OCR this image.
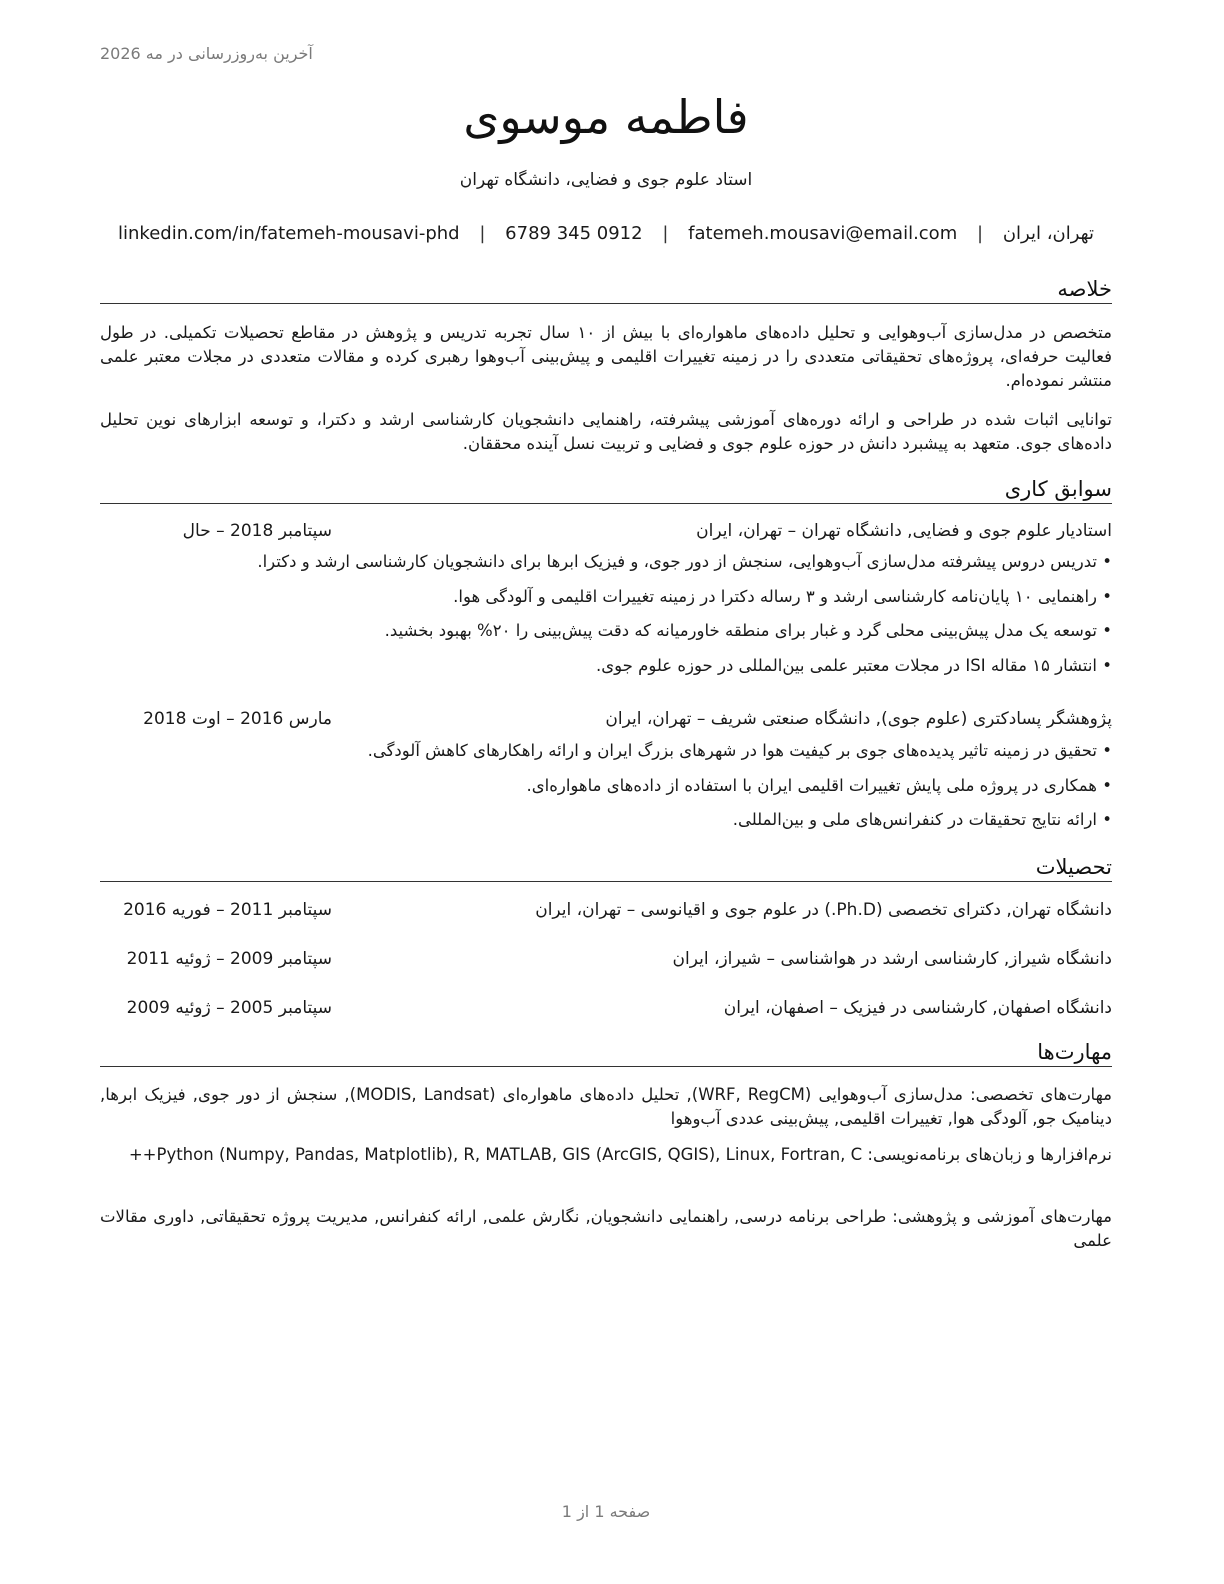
آخرین به‌روزرسانی در مه 2026
فاطمه موسوی
استاد علوم جوی و فضایی، دانشگاه تهران
تهران، ایران
|
fatemeh.mousavi@email.com
|
6789 345 0912
|
linkedin.com/in/fatemeh-mousavi-phd
خلاصه

متخصص در مدل‌سازی آب‌وهوایی و تحلیل داده‌های ماهواره‌ای با بیش از ۱۰ سال تجربه تدریس و پژوهش در مقاطع تحصیلات تکمیلی. در طول فعالیت حرفه‌ای، پروژه‌های تحقیقاتی متعددی را در زمینه تغییرات اقلیمی و پیش‌بینی آب‌وهوا رهبری کرده و مقالات متعددی در مجلات معتبر علمی منتشر نموده‌ام.

توانایی اثبات شده در طراحی و ارائه دوره‌های آموزشی پیشرفته، راهنمایی دانشجویان کارشناسی ارشد و دکترا، و توسعه ابزارهای نوین تحلیل داده‌های جوی. متعهد به پیشبرد دانش در حوزه علوم جوی و فضایی و تربیت نسل آینده محققان.

سوابق کاری
استادیار علوم جوی و فضایی, دانشگاه تهران – تهران، ایران
سپتامبر 2018 – حال
• تدریس دروس پیشرفته مدل‌سازی آب‌وهوایی، سنجش از دور جوی، و فیزیک ابرها برای دانشجویان کارشناسی ارشد و دکترا.
• راهنمایی ۱۰ پایان‌نامه کارشناسی ارشد و ۳ رساله دکترا در زمینه تغییرات اقلیمی و آلودگی هوا.
• توسعه یک مدل پیش‌بینی محلی گرد و غبار برای منطقه خاورمیانه که دقت پیش‌بینی را ۲۰% بهبود بخشید.
• انتشار ۱۵ مقاله ISI در مجلات معتبر علمی بین‌المللی در حوزه علوم جوی.
پژوهشگر پسادکتری (علوم جوی), دانشگاه صنعتی شریف – تهران، ایران
مارس 2016 – اوت 2018
• تحقیق در زمینه تاثیر پدیده‌های جوی بر کیفیت هوا در شهرهای بزرگ ایران و ارائه راهکارهای کاهش آلودگی.
• همکاری در پروژه ملی پایش تغییرات اقلیمی ایران با استفاده از داده‌های ماهواره‌ای.
• ارائه نتایج تحقیقات در کنفرانس‌های ملی و بین‌المللی.
تحصیلات
دانشگاه تهران, دکترای تخصصی (Ph.D.) در علوم جوی و اقیانوسی – تهران، ایران
سپتامبر 2011 – فوریه 2016
دانشگاه شیراز, کارشناسی ارشد در هواشناسی – شیراز، ایران
سپتامبر 2009 – ژوئیه 2011
دانشگاه اصفهان, کارشناسی در فیزیک – اصفهان، ایران
سپتامبر 2005 – ژوئیه 2009
مهارت‌ها

مهارت‌های تخصصی: مدل‌سازی آب‌وهوایی (WRF, RegCM), تحلیل داده‌های ماهواره‌ای (MODIS, Landsat), سنجش از دور جوی, فیزیک ابرها, دینامیک جو, آلودگی هوا, تغییرات اقلیمی, پیش‌بینی عددی آب‌وهوا

نرم‌افزارها و زبان‌های برنامه‌نویسی: Python (Numpy, Pandas, Matplotlib), R, MATLAB, GIS (ArcGIS, QGIS), Linux, Fortran, C++

مهارت‌های آموزشی و پژوهشی: طراحی برنامه درسی, راهنمایی دانشجویان, نگارش علمی, ارائه کنفرانس, مدیریت پروژه تحقیقاتی, داوری مقالات علمی

صفحه 1 از 1
